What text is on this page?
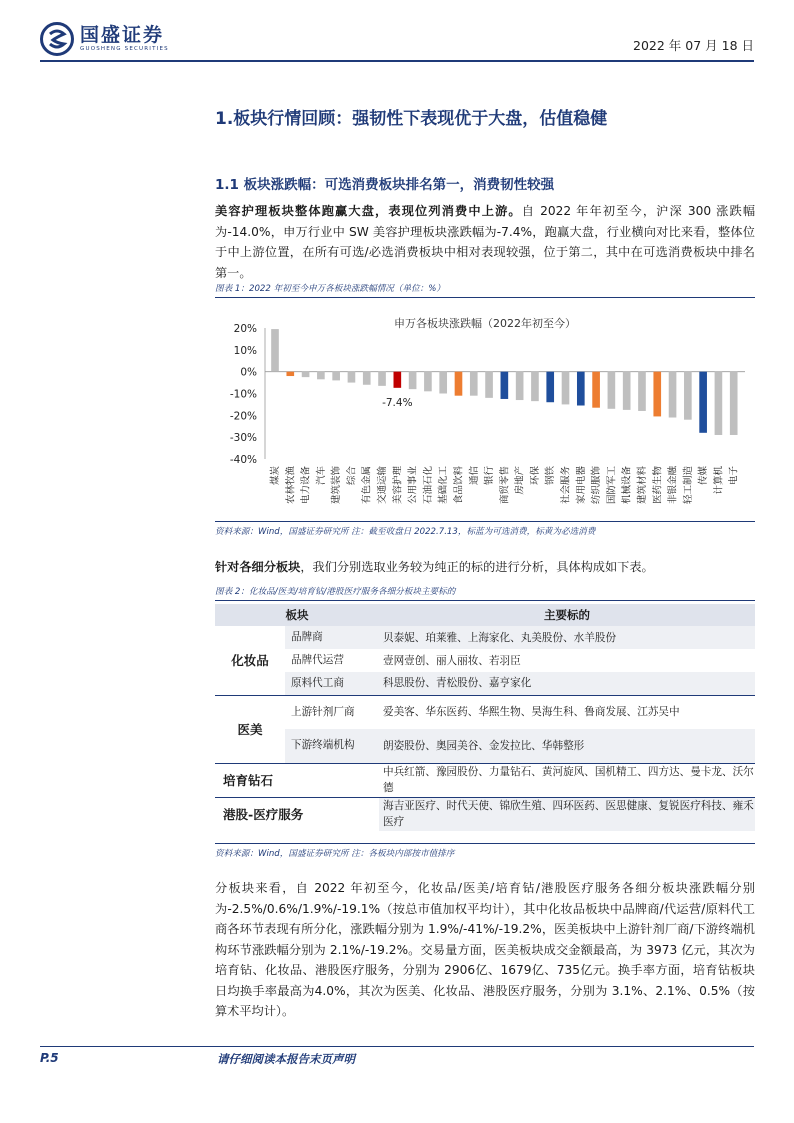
国盛证券
GUOSHENG SECURITIES	2022 年 07 月 18 日
1.板块行情回顾：强韧性下表现优于大盘，估值稳健
1.1 板块涨跌幅：可选消费板块排名第一，消费韧性较强
美容护理板块整体跑赢大盘，表现位列消费中上游。自 2022 年年初至今，沪深 300 涨跌幅为-14.0%，申万行业中 SW 美容护理板块涨跌幅为-7.4%，跑赢大盘，行业横向对比来看，整体位于中上游位置，在所有可选/必选消费板块中相对表现较强，位于第二，其中在可选消费板块中排名第一。
图表 1：2022 年初至今申万各板块涨跌幅情况（单位：%）
申万各板块涨跌幅（2022年初至今）
20%
10%
0%
-10%
-20%
-30%
-40%
煤炭 农林牧渔 电力设备 汽车 建筑装饰 综合 有色金属 交通运输 美容护理 公用事业 石油石化 基础化工 食品饮料 通信 银行 商贸零售 房地产 环保 钢铁 社会服务 家用电器 纺织服饰 国防军工 机械设备 建筑材料 医药生物 非银金融 轻工制造 传媒 计算机 电子
-7.4%
资料来源：Wind，国盛证券研究所 注：截至收盘日 2022.7.13，标蓝为可选消费，标黄为必选消费
针对各细分板块，我们分别选取业务较为纯正的标的进行分析，具体构成如下表。
图表 2：化妆品/医美/培育钻/港股医疗服务各细分板块主要标的
板块		主要标的
化妆品	品牌商	贝泰妮、珀莱雅、上海家化、丸美股份、水羊股份
	品牌代运营	壹网壹创、丽人丽妆、若羽臣
	原料代工商	科思股份、青松股份、嘉亨家化
医美	上游针剂厂商	爱美客、华东医药、华熙生物、昊海生科、鲁商发展、江苏吴中
	下游终端机构	朗姿股份、奥园美谷、金发拉比、华韩整形
培育钻石		中兵红箭、豫园股份、力量钻石、黄河旋风、国机精工、四方达、曼卡龙、沃尔德
港股-医疗服务		海吉亚医疗、时代天使、锦欣生殖、四环医药、医思健康、复锐医疗科技、雍禾医疗
资料来源：Wind，国盛证券研究所 注：各板块内部按市值排序
分板块来看，自 2022 年初至今，化妆品/医美/培育钻/港股医疗服务各细分板块涨跌幅分别为-2.5%/0.6%/1.9%/-19.1%（按总市值加权平均计），其中化妆品板块中品牌商/代运营/原料代工商各环节表现有所分化，涨跌幅分别为 1.9%/-41%/-19.2%，医美板块中上游针剂厂商/下游终端机构环节涨跌幅分别为 2.1%/-19.2%。交易量方面，医美板块成交金额最高，为 3973 亿元，其次为培育钻、化妆品、港股医疗服务，分别为 2906亿、1679亿、735亿元。换手率方面，培育钻板块日均换手率最高为4.0%，其次为医美、化妆品、港股医疗服务，分别为 3.1%、2.1%、0.5%（按算术平均计）。
P.5	请仔细阅读本报告末页声明
